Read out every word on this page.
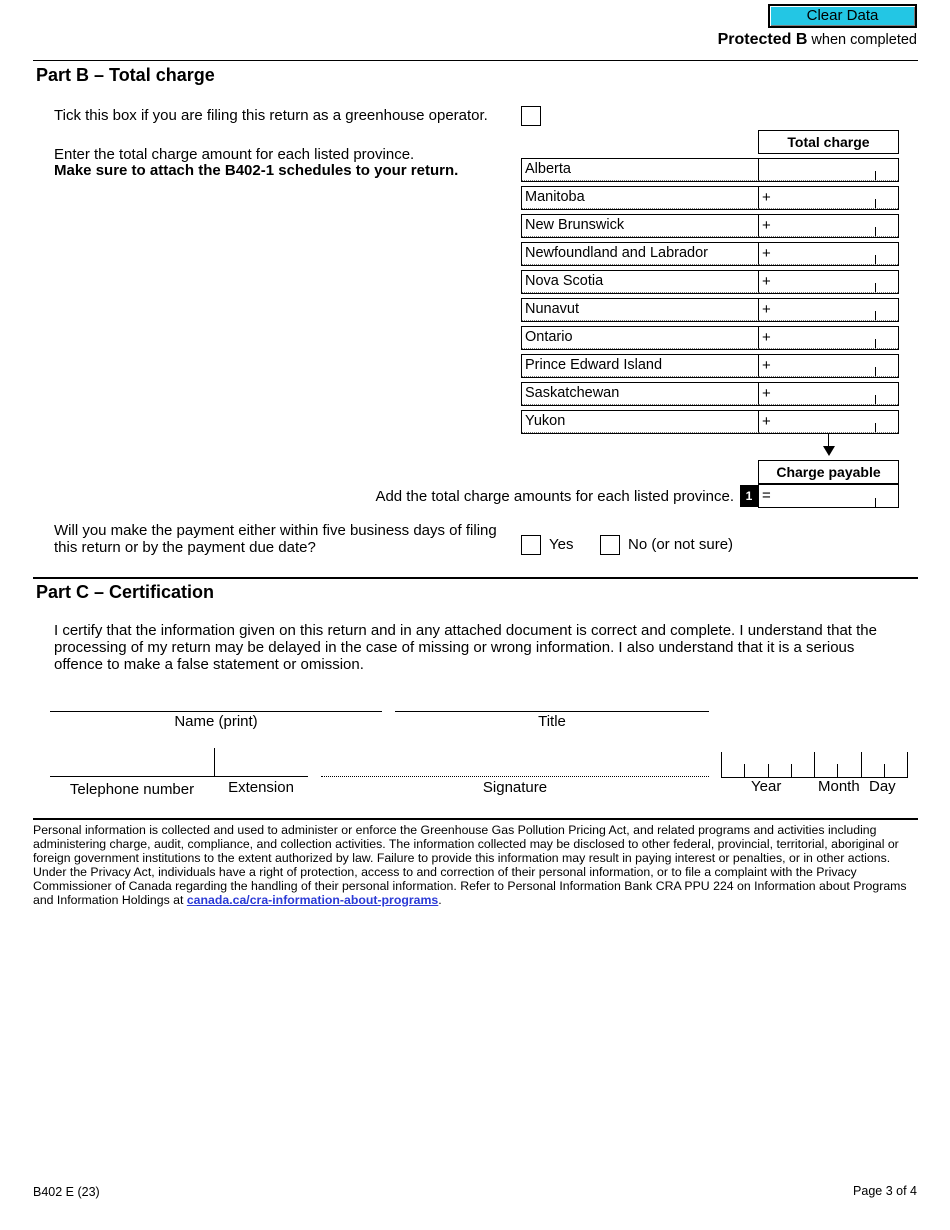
Clear Data
Protected B when completed
Part B – Total charge
Tick this box if you are filing this return as a greenhouse operator.
Enter the total charge amount for each listed province.
Make sure to attach the B402-1 schedules to your return.
Total charge
Alberta
Manitoba	+
New Brunswick	+
Newfoundland and Labrador	+
Nova Scotia	+
Nunavut	+
Ontario	+
Prince Edward Island	+
Saskatchewan	+
Yukon	+
Charge payable
Add the total charge amounts for each listed province. 1 =
Will you make the payment either within five business days of filing
this return or by the payment due date?	Yes	No (or not sure)
Part C – Certification
I certify that the information given on this return and in any attached document is correct and complete. I understand that the processing of my return may be delayed in the case of missing or wrong information. I also understand that it is a serious offence to make a false statement or omission.
Name (print)	Title
Telephone number	Extension	Signature	Year Month Day
Personal information is collected and used to administer or enforce the Greenhouse Gas Pollution Pricing Act, and related programs and activities including administering charge, audit, compliance, and collection activities. The information collected may be disclosed to other federal, provincial, territorial, aboriginal or foreign government institutions to the extent authorized by law. Failure to provide this information may result in paying interest or penalties, or in other actions. Under the Privacy Act, individuals have a right of protection, access to and correction of their personal information, or to file a complaint with the Privacy Commissioner of Canada regarding the handling of their personal information. Refer to Personal Information Bank CRA PPU 224 on Information about Programs and Information Holdings at canada.ca/cra-information-about-programs.
B402 E (23)	Page 3 of 4
